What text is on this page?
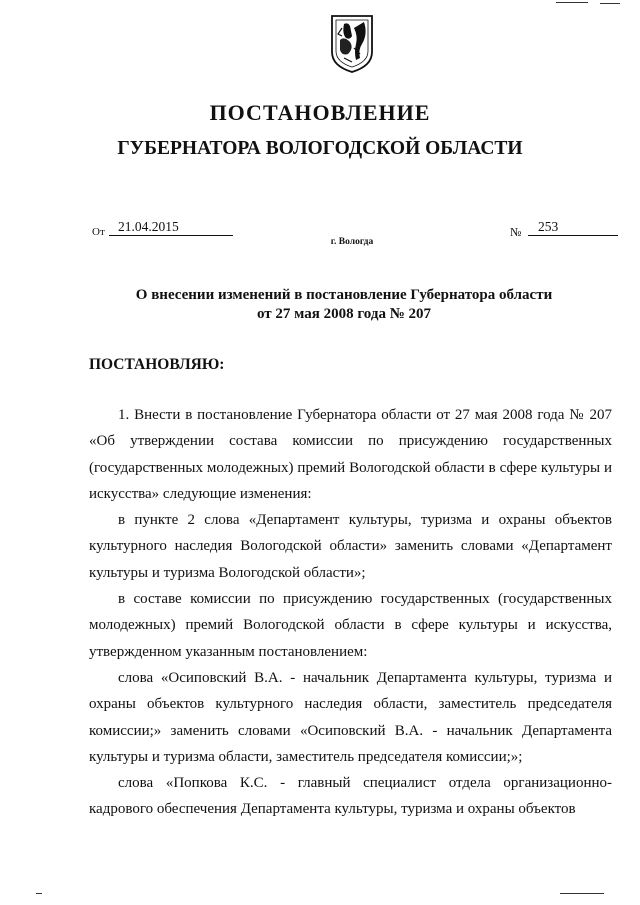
ПОСТАНОВЛЕНИЕ
ГУБЕРНАТОРА ВОЛОГОДСКОЙ ОБЛАСТИ
От 21.04.2015	№	253
г. Вологда
О внесении изменений в постановление Губернатора области
от 27 мая 2008 года № 207
ПОСТАНОВЛЯЮ:

1. Внести в постановление Губернатора области от 27 мая 2008 года № 207 «Об утверждении состава комиссии по присуждению государственных (государственных молодежных) премий Вологодской области в сфере культуры и искусства» следующие изменения:

в пункте 2 слова «Департамент культуры, туризма и охраны объектов культурного наследия Вологодской области» заменить словами «Департамент культуры и туризма Вологодской области»;

в составе комиссии по присуждению государственных (государственных молодежных) премий Вологодской области в сфере культуры и искусства, утвержденном указанным постановлением:

слова «Осиповский В.А. - начальник Департамента культуры, туризма и охраны объектов культурного наследия области, заместитель председателя комиссии;» заменить словами «Осиповский В.А. - начальник Департамента культуры и туризма области, заместитель председателя комиссии;»;

слова «Попкова К.С. - главный специалист отдела организационно-кадрового обеспечения Департамента культуры, туризма и охраны объектов
